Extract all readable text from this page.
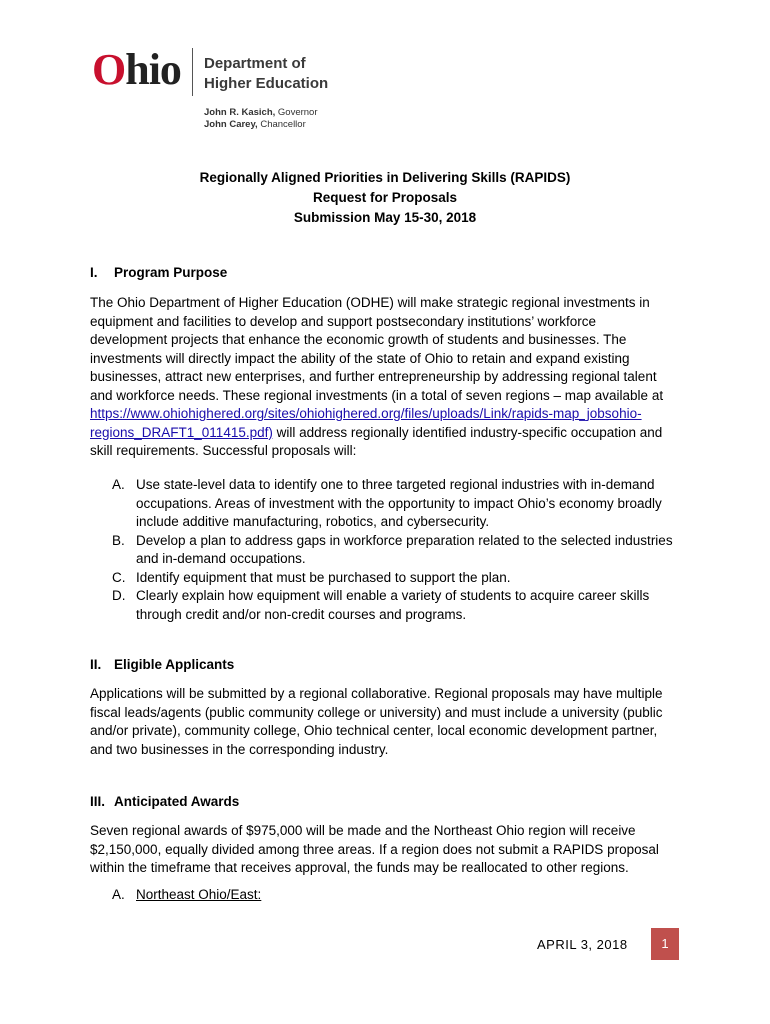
Ohio Department of
Higher Education
John R. Kasich, Governor
John Carey, Chancellor
Regionally Aligned Priorities in Delivering Skills (RAPIDS)
Request for Proposals
Submission May 15-30, 2018
I. Program Purpose
The Ohio Department of Higher Education (ODHE) will make strategic regional investments in
equipment and facilities to develop and support postsecondary institutions’ workforce
development projects that enhance the economic growth of students and businesses. The
investments will directly impact the ability of the state of Ohio to retain and expand existing
businesses, attract new enterprises, and further entrepreneurship by addressing regional talent
and workforce needs. These regional investments (in a total of seven regions – map available at
https://www.ohiohighered.org/sites/ohiohighered.org/files/uploads/Link/rapids-map_jobsohio-
regions_DRAFT1_011415.pdf) will address regionally identified industry-specific occupation and
skill requirements. Successful proposals will:
A. Use state-level data to identify one to three targeted regional industries with in-demand occupations. Areas of investment with the opportunity to impact Ohio’s economy broadly include additive manufacturing, robotics, and cybersecurity.
B. Develop a plan to address gaps in workforce preparation related to the selected industries and in-demand occupations.
C. Identify equipment that must be purchased to support the plan.
D. Clearly explain how equipment will enable a variety of students to acquire career skills through credit and/or non-credit courses and programs.
II. Eligible Applicants
Applications will be submitted by a regional collaborative. Regional proposals may have multiple
fiscal leads/agents (public community college or university) and must include a university (public
and/or private), community college, Ohio technical center, local economic development partner,
and two businesses in the corresponding industry.
III. Anticipated Awards
Seven regional awards of $975,000 will be made and the Northeast Ohio region will receive
$2,150,000, equally divided among three areas. If a region does not submit a RAPIDS proposal
within the timeframe that receives approval, the funds may be reallocated to other regions.
A. Northeast Ohio/East:
APRIL 3, 2018	1
